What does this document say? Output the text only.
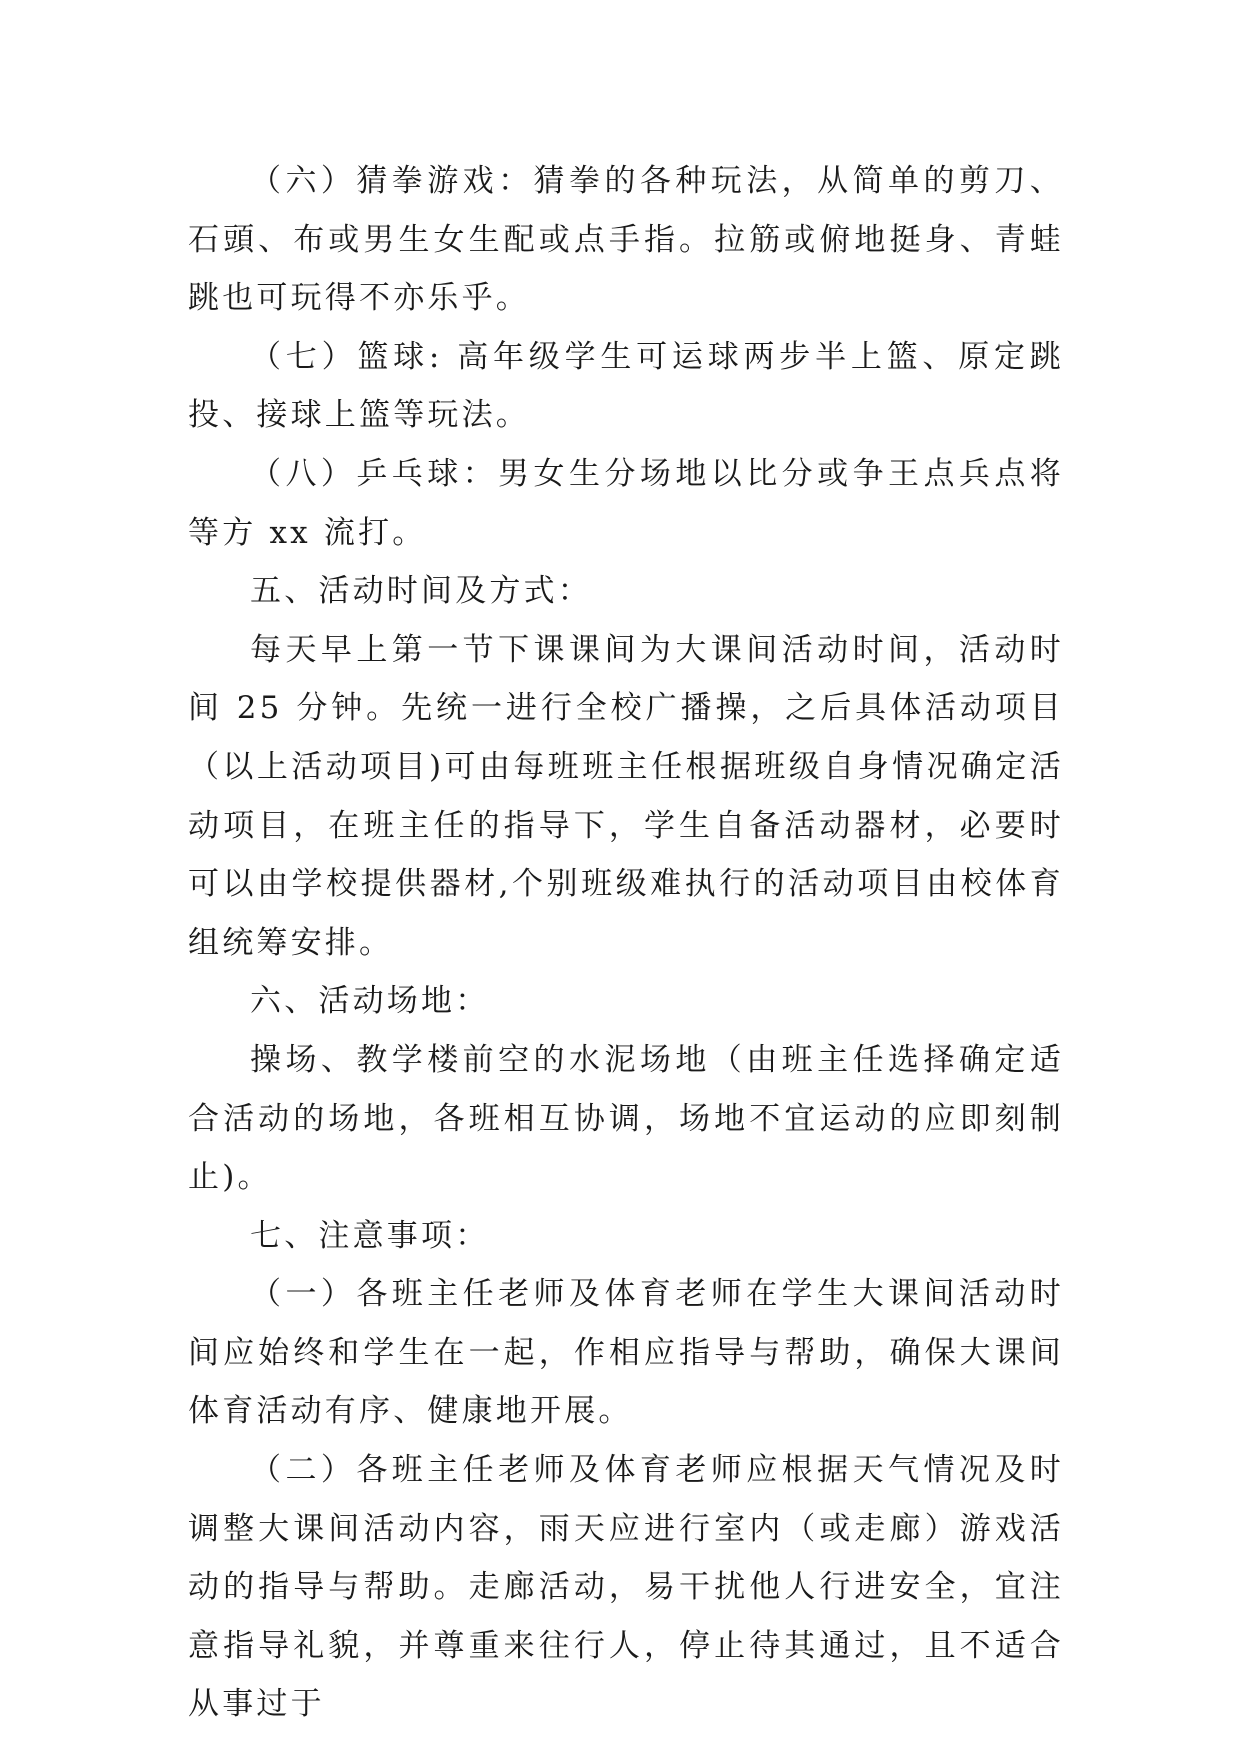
（六）猜拳游戏：猜拳的各种玩法，从简单的剪刀、石頭、布或男生女生配或点手指。拉筋或俯地挺身、青蛙跳也可玩得不亦乐乎。

（七）篮球: 高年级学生可运球两步半上篮、原定跳投、接球上篮等玩法。

（八）乒乓球：男女生分场地以比分或争王点兵点将等方 xx 流打。

五、活动时间及方式：

每天早上第一节下课课间为大课间活动时间，活动时间 25 分钟。先统一进行全校广播操，之后具体活动项目（以上活动项目)可由每班班主任根据班级自身情况确定活动项目，在班主任的指导下，学生自备活动器材，必要时可以由学校提供器材,个别班级难执行的活动项目由校体育组统筹安排。

六、活动场地：

操场、教学楼前空的水泥场地（由班主任选择确定适合活动的场地，各班相互协调，场地不宜运动的应即刻制止)。

七、注意事项：

（一）各班主任老师及体育老师在学生大课间活动时间应始终和学生在一起，作相应指导与帮助，确保大课间体育活动有序、健康地开展。

（二）各班主任老师及体育老师应根据天气情况及时调整大课间活动内容，雨天应进行室内（或走廊）游戏活动的指导与帮助。走廊活动，易干扰他人行进安全，宜注意指导礼貌，并尊重来往行人，停止待其通过，且不适合从事过于
